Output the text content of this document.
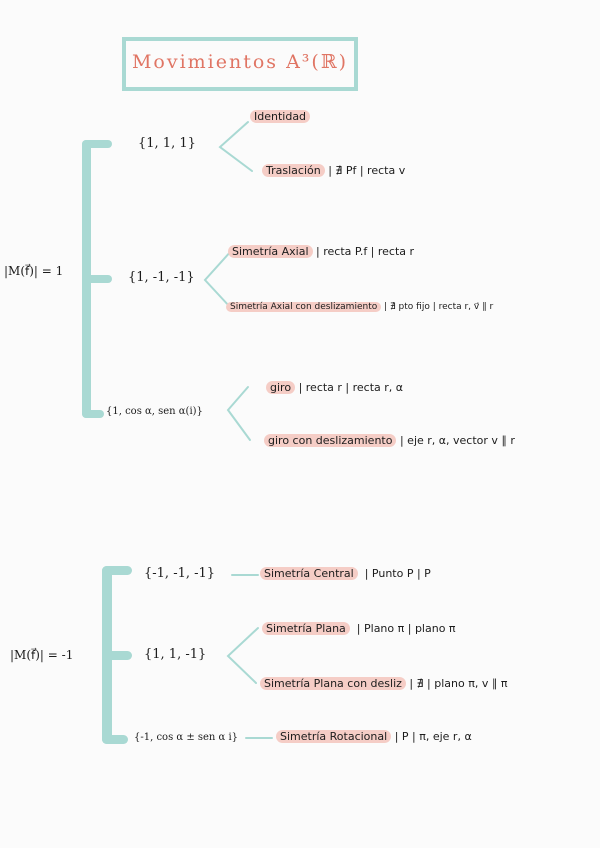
Movimientos A³(ℝ)
|M(f⃗)| = 1
{1, 1, 1}
Identidad
Traslación | ∄ Pf | recta v
{1, -1, -1}
Simetría Axial | recta P.f | recta r
Simetría Axial con deslizamiento | ∄ pto fijo | recta r, v⃗ ∥ r
{1, cos α, sen α(i)}
giro | recta r | recta r, α
giro con deslizamiento | eje r, α, vector v ∥ r
|M(f⃗)| = -1
{-1, -1, -1}	Simetría Central | Punto P | P
{1, 1, -1}
Simetría Plana | Plano π | plano π
Simetría Plana con desliz | ∄ | plano π, v ∥ π
{-1, cos α ± sen α i}	Simetría Rotacional | P | π, eje r, α
